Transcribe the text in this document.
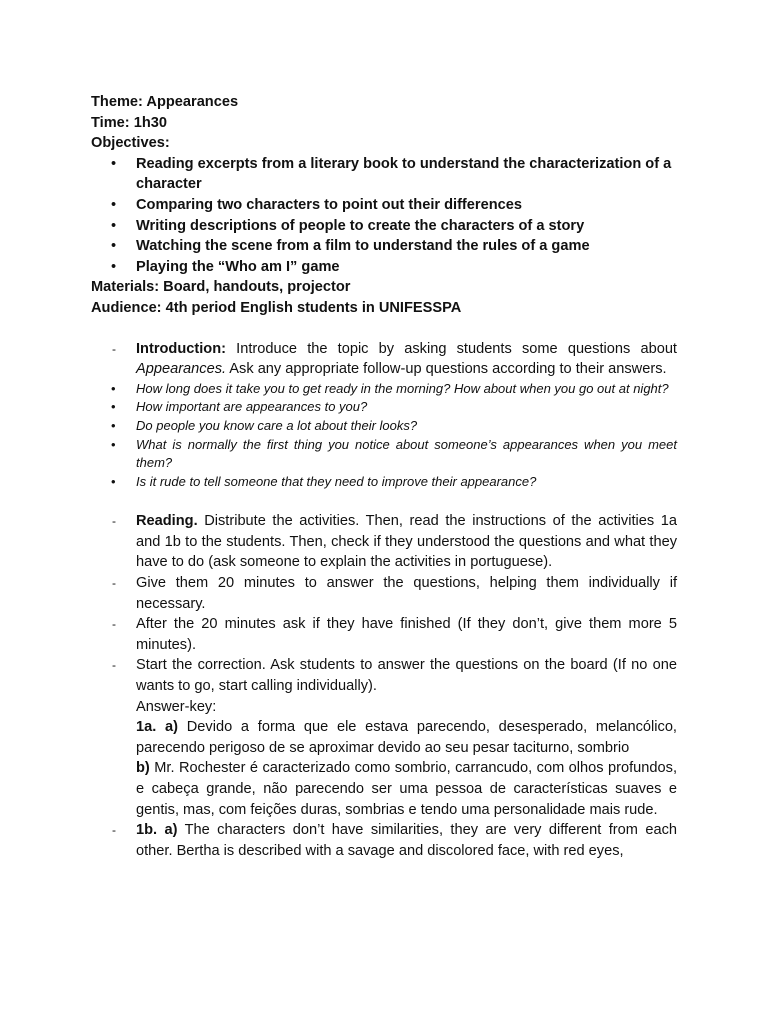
Theme: Appearances
Time: 1h30
Objectives:
• Reading excerpts from a literary book to understand the characterization of a character
• Comparing two characters to point out their differences
• Writing descriptions of people to create the characters of a story
• Watching the scene from a film to understand the rules of a game
• Playing the “Who am I” game
Materials: Board, handouts, projector
Audience: 4th period English students in UNIFESSPA
- Introduction: Introduce the topic by asking students some questions about Appearances. Ask any appropriate follow-up questions according to their answers.
• How long does it take you to get ready in the morning? How about when you go out at night?
• How important are appearances to you?
• Do people you know care a lot about their looks?
• What is normally the first thing you notice about someone’s appearances when you meet them?
• Is it rude to tell someone that they need to improve their appearance?
- Reading. Distribute the activities. Then, read the instructions of the activities 1a and 1b to the students. Then, check if they understood the questions and what they have to do (ask someone to explain the activities in portuguese).
- Give them 20 minutes to answer the questions, helping them individually if necessary.
- After the 20 minutes ask if they have finished (If they don’t, give them more 5 minutes).
- Start the correction. Ask students to answer the questions on the board (If no one wants to go, start calling individually).
Answer-key:
1a. a) Devido a forma que ele estava parecendo, desesperado, melancólico, parecendo perigoso de se aproximar devido ao seu pesar taciturno, sombrio
b) Mr. Rochester é caracterizado como sombrio, carrancudo, com olhos profundos, e cabeça grande, não parecendo ser uma pessoa de características suaves e gentis, mas, com feições duras, sombrias e tendo uma personalidade mais rude.
- 1b. a) The characters don’t have similarities, they are very different from each other. Bertha is described with a savage and discolored face, with red eyes,
